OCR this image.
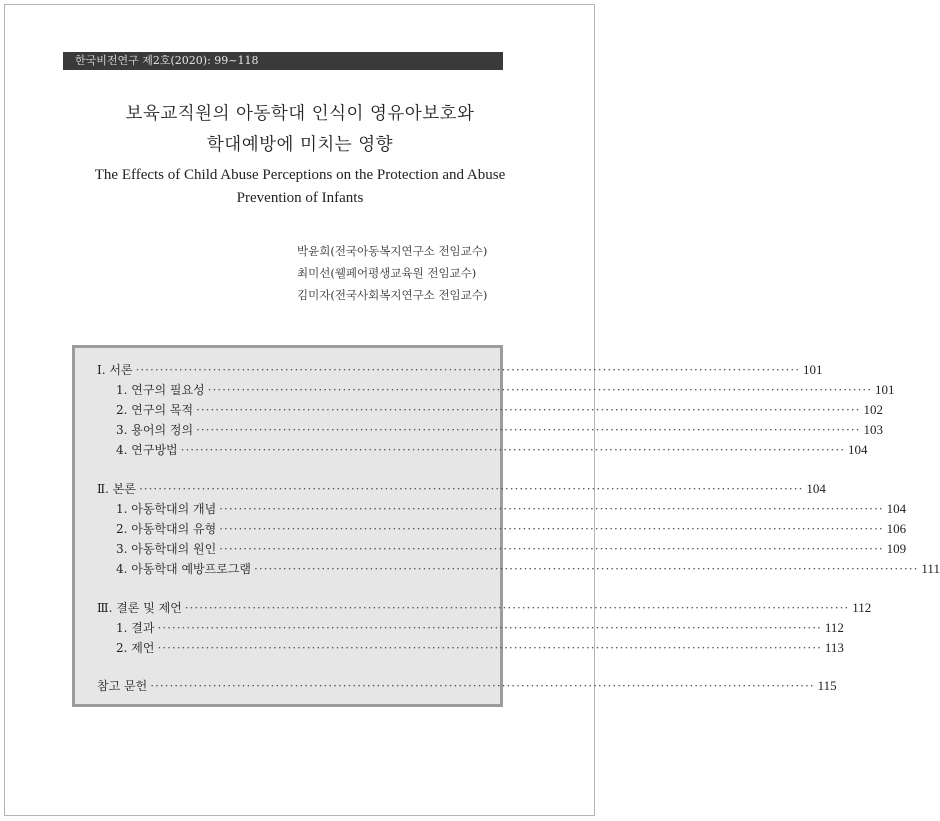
한국비전연구 제2호(2020): 99~118
보육교직원의 아동학대 인식이 영유아보호와
학대예방에 미치는 영향
The Effects of Child Abuse Perceptions on the Protection and Abuse
Prevention of Infants
박윤희(전국아동복지연구소 전임교수)
최미선(웰페어평생교육원 전임교수)
김미자(전국사회복지연구소 전임교수)
Ⅰ. 서론 ·········································································································································· 101
1. 연구의 필요성 ·········································································································································· 101
2. 연구의 목적 ·········································································································································· 102
3. 용어의 정의 ·········································································································································· 103
4. 연구방법 ·········································································································································· 104
Ⅱ. 본론 ·········································································································································· 104
1. 아동학대의 개념 ·········································································································································· 104
2. 아동학대의 유형 ·········································································································································· 106
3. 아동학대의 원인 ·········································································································································· 109
4. 아동학대 예방프로그램 ·········································································································································· 111
Ⅲ. 결론 및 제언 ·········································································································································· 112
1. 결과 ·········································································································································· 112
2. 제언 ·········································································································································· 113
참고 문헌 ·········································································································································· 115
